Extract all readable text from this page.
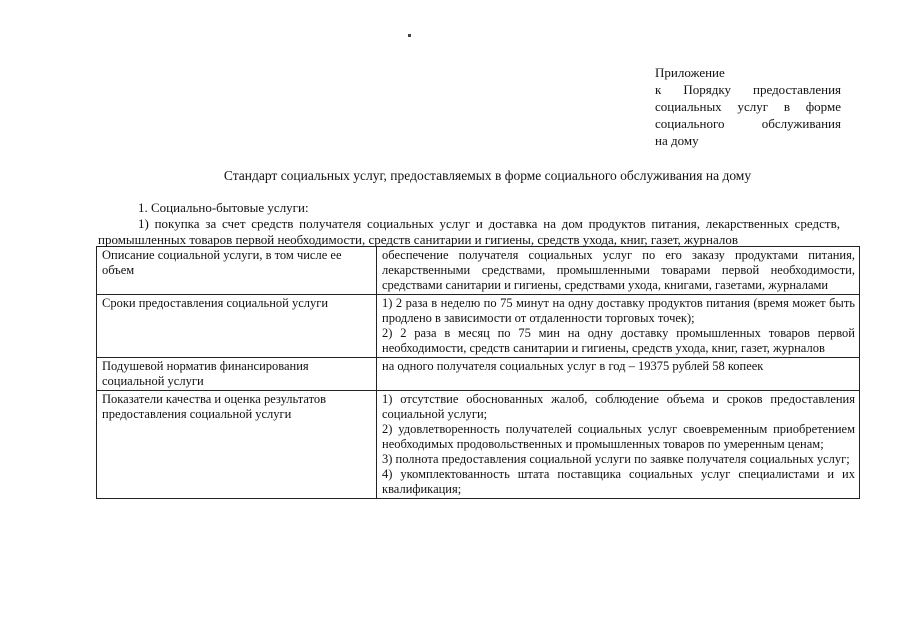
Приложение
к Порядку предоставления
социальных услуг в форме
социального обслуживания
на дому
Стандарт социальных услуг, предоставляемых в форме социального обслуживания на дому
1. Социально-бытовые услуги:
1) покупка за счет средств получателя социальных услуг и доставка на дом продуктов питания, лекарственных средств, промышленных товаров первой необходимости, средств санитарии и гигиены, средств ухода, книг, газет, журналов
Описание социальной услуги, в том числе ее объем	обеспечение получателя социальных услуг по его заказу продуктами питания, лекарственными средствами, промышленными товарами первой необходимости, средствами санитарии и гигиены, средствами ухода, книгами, газетами, журналами

Сроки предоставления социальной услуги	1) 2 раза в неделю по 75 минут на одну доставку продуктов питания (время может быть продлено в зависимости от отдаленности торговых точек);
2) 2 раза в месяц по 75 мин на одну доставку промышленных товаров первой необходимости, средств санитарии и гигиены, средств ухода, книг, газет, журналов

Подушевой норматив финансирования социальной услуги	на одного получателя социальных услуг в год – 19375 рублей 58 копеек

Показатели качества и оценка результатов предоставления социальной услуги	1) отсутствие обоснованных жалоб, соблюдение объема и сроков предоставления социальной услуги;
2) удовлетворенность получателей социальных услуг своевременным приобретением необходимых продовольственных и промышленных товаров по умеренным ценам;
3) полнота предоставления социальной услуги по заявке получателя социальных услуг;
4) укомплектованность штата поставщика социальных услуг специалистами и их квалификация;
